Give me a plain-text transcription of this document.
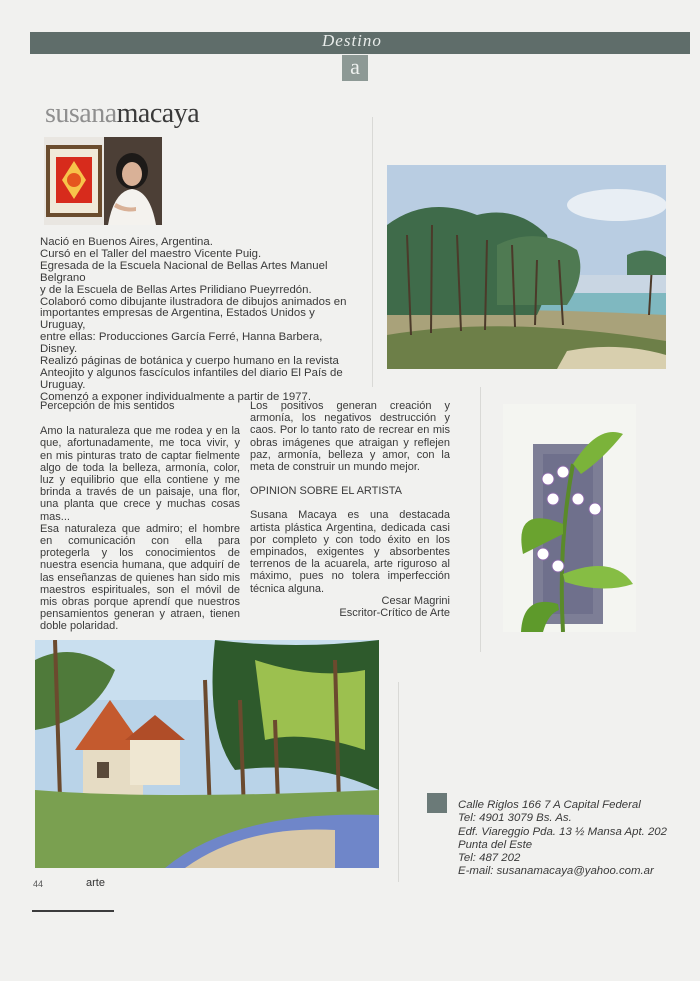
Destino
a
susanamacaya

Nació en Buenos Aires, Argentina.

Cursó en el Taller del maestro Vicente Puig.

Egresada de la Escuela Nacional de Bellas Artes Manuel Belgrano

y de la Escuela de Bellas Artes Prilidiano Pueyrredón.

Colaboró como dibujante ilustradora de dibujos animados en

importantes empresas de Argentina, Estados Unidos y Uruguay,

entre ellas: Producciones García Ferré, Hanna Barbera, Disney.

Realizó páginas de botánica y cuerpo humano en la revista

Anteojito y algunos fascículos infantiles del diario El País de

Uruguay.

Comenzó a exponer individualmente a partir de 1977.

Percepción de mis sentidos

Amo la naturaleza que me rodea y en la que, afortunadamente, me toca vivir, y en mis pinturas trato de captar fielmente algo de toda la belleza, armonía, color, luz y equilibrio que ella contiene y me brinda a través de un paisaje, una flor, una planta que crece y muchas cosas mas...

Esa naturaleza que admiro; el hombre en comunicación con ella para protegerla y los conocimientos de nuestra esencia humana, que adquirí de las enseñanzas de quienes han sido mis maestros espirituales, son el móvil de mis obras porque aprendí que nuestros pensamientos generan y atraen, tienen doble polaridad.

Los positivos generan creación y armonía, los negativos destrucción y caos. Por lo tanto rato de recrear en mis obras imágenes que atraigan y reflejen paz, armonía, belleza y amor, con la meta de construir un mundo mejor.

OPINION SOBRE EL ARTISTA

Susana Macaya es una destacada artista plástica Argentina, dedicada casi por completo y con todo éxito en los empinados, exigentes y absorbentes terrenos de la acuarela, arte riguroso al máximo, pues no tolera imperfección técnica alguna.

Cesar Magrini

Escritor-Crítico de Arte

Calle Riglos 166 7 A Capital Federal

Tel: 4901 3079 Bs. As.

Edf. Viareggio Pda. 13 ½ Mansa Apt. 202

Punta del Este

Tel: 487 202

E-mail: susanamacaya@yahoo.com.ar

44	arte
